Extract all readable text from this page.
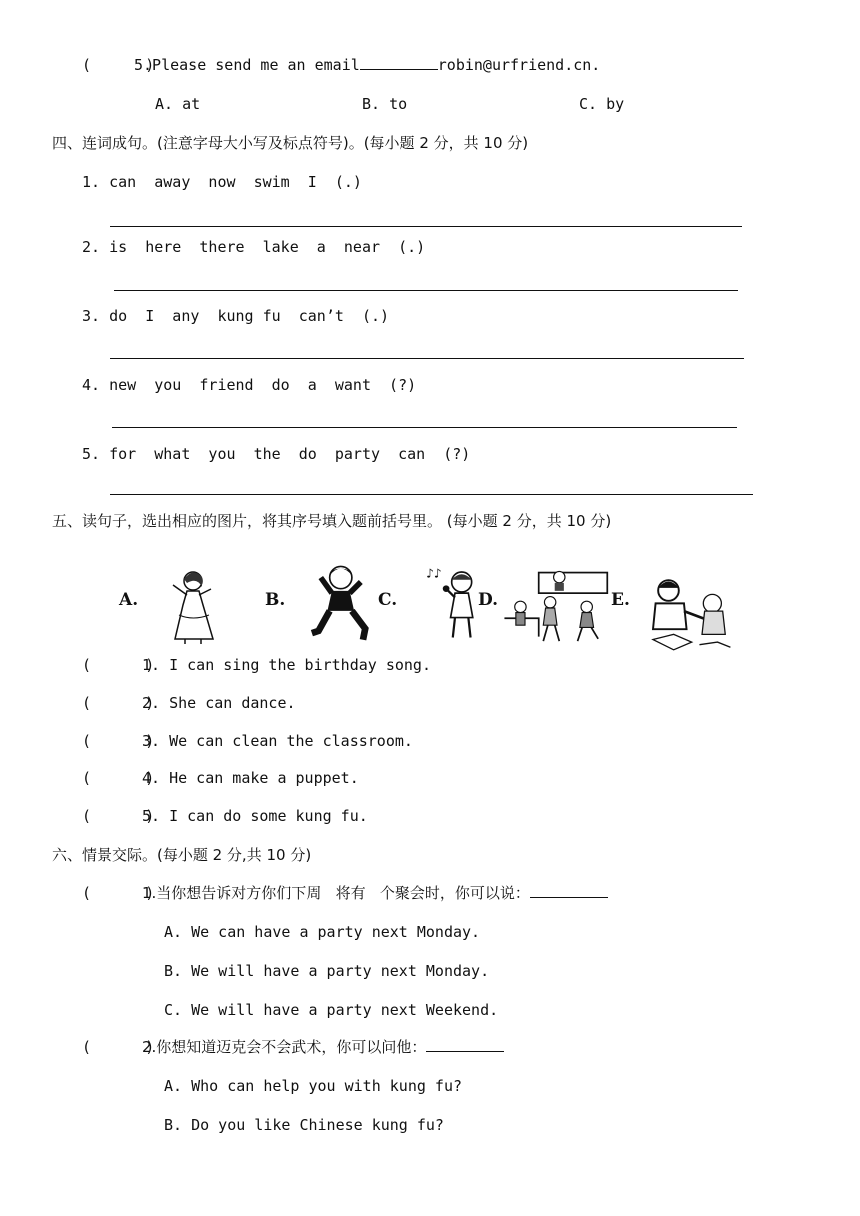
(      )
5.Please send me an email	robin@urfriend.cn.
A. at	B. to	C. by
四、连词成句。(注意字母大小写及标点符号)。(每小题 2 分，共 10 分)
1. can  away  now  swim  I  (.)
2. is  here  there  lake  a  near  (.)
3. do  I  any  kung fu  can’t  (.)
4. new  you  friend  do  a  want  (?)
5. for  what  you  the  do  party  can  (?)
五、读句子，选出相应的图片，将其序号填入题前括号里。 (每小题 2 分，共 10 分)
A.	B.	C.
♪♪
D.	E.
(      )
1. I can sing the birthday song.
(      )
2. She can dance.
(      )
3. We can clean the classroom.
(      )
4. He can make a puppet.
(      )
5. I can do some kung fu.
六、情景交际。(每小题 2 分,共 10 分)
(      )
1.当你想告诉对方你们下周   将有   个聚会时，你可以说：
A. We can have a party next Monday.
B. We will have a party next Monday.
C. We will have a party next Weekend.
(      )
2.你想知道迈克会不会武术，你可以问他：
A. Who can help you with kung fu?
B. Do you like Chinese kung fu?
